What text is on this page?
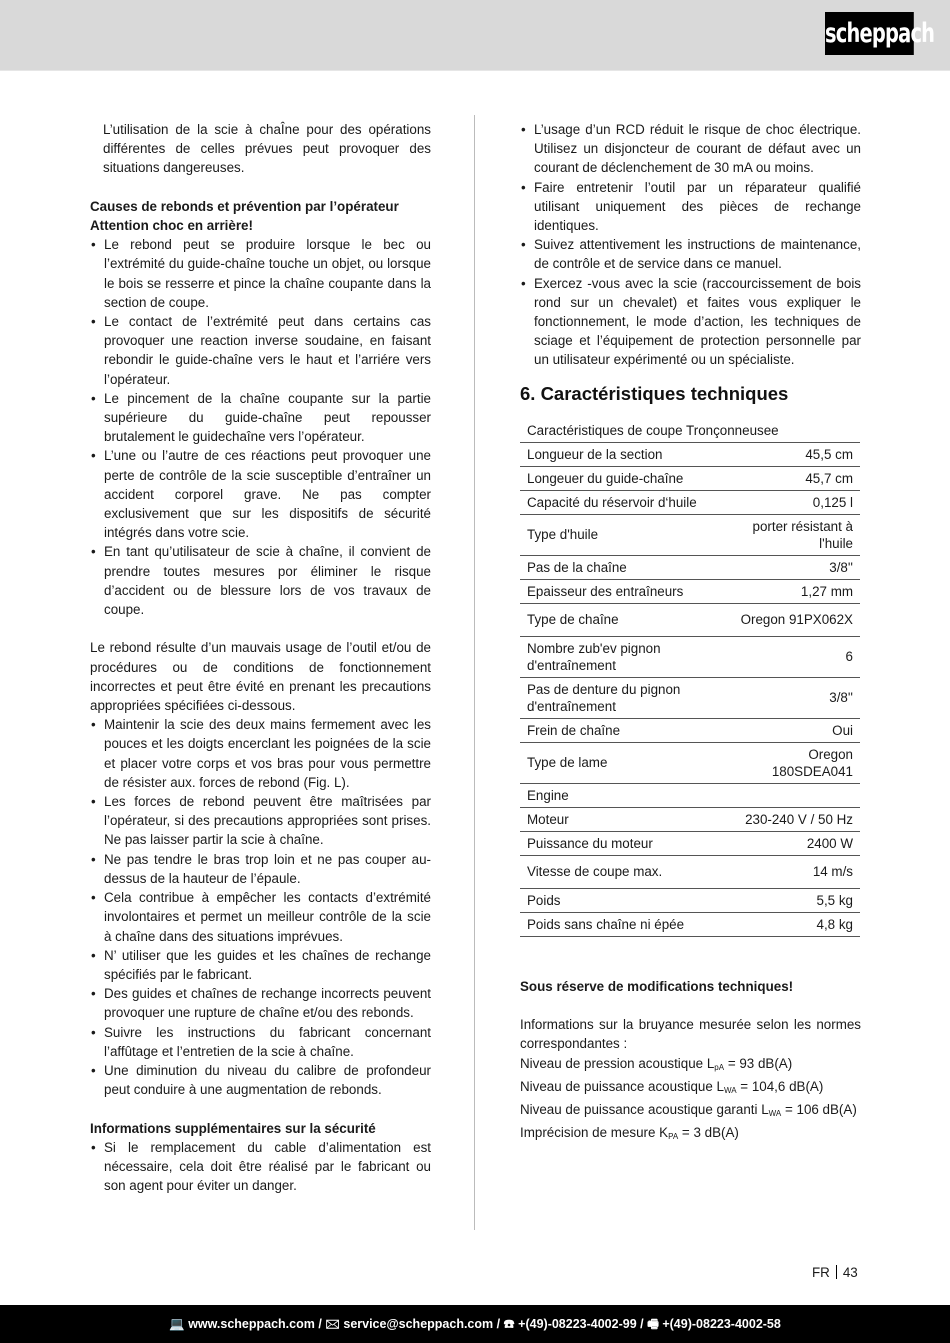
scheppach
L’utilisation de la scie à chaÎne pour des opérations différentes de celles prévues peut provoquer des situations dangereuses.
Causes de rebonds et prévention par l’opérateur
Attention choc en arrière!
• Le rebond peut se produire lorsque le bec ou l’extrémité du guide-chaîne touche un objet, ou lorsque le bois se resserre et pince la chaîne coupante dans la section de coupe.
• Le contact de l’extrémité peut dans certains cas provoquer une reaction inverse soudaine, en faisant rebondir le guide-chaîne vers le haut et l’arriére vers l’opérateur.
• Le pincement de la chaîne coupante sur la partie supérieure du guide-chaîne peut repousser brutalement le guidechaîne vers l’opérateur.
• L’une ou l’autre de ces réactions peut provoquer une perte de contrôle de la scie susceptible d’entraîner un accident corporel grave. Ne pas compter exclusivement que sur les dispositifs de sécurité intégrés dans votre scie.
• En tant qu’utilisateur de scie à chaîne, il convient de prendre toutes mesures por éliminer le risque d’accident ou de blessure lors de vos travaux de coupe.
Le rebond résulte d’un mauvais usage de l’outil et/ou de procédures ou de conditions de fonctionnement incorrectes et peut être évité en prenant les precautions appropriées spécifiées ci-dessous.
• Maintenir la scie des deux mains fermement avec les pouces et les doigts encerclant les poignées de la scie et placer votre corps et vos bras pour vous permettre de résister aux. forces de rebond (Fig. L).
• Les forces de rebond peuvent être maîtrisées par l’opérateur, si des precautions appropriées sont prises. Ne pas laisser partir la scie à chaîne.
• Ne pas tendre le bras trop loin et ne pas couper au-dessus de la hauteur de l’épaule.
• Cela contribue à empêcher les contacts d’extrémité involontaires et permet un meilleur contrôle de la scie à chaîne dans des situations imprévues.
• N’ utiliser que les guides et les chaînes de rechange spécifiés par le fabricant.
• Des guides et chaînes de rechange incorrects peuvent provoquer une rupture de chaîne et/ou des rebonds.
• Suivre les instructions du fabricant concernant l’affûtage et l’entretien de la scie à chaîne.
• Une diminution du niveau du calibre de profondeur peut conduire à une augmentation de rebonds.
Informations supplémentaires sur la sécurité
• Si le remplacement du cable d’alimentation est nécessaire, cela doit être réalisé par le fabricant ou son agent pour éviter un danger.
• L’usage d’un RCD réduit le risque de choc électrique. Utilisez un disjoncteur de courant de défaut avec un courant de déclenchement de 30 mA ou moins.
• Faire entretenir l’outil par un réparateur qualifié utilisant uniquement des pièces de rechange identiques.
• Suivez attentivement les instructions de maintenance, de contrôle et de service dans ce manuel.
• Exercez -vous avec la scie (raccourcissement de bois rond sur un chevalet) et faites vous expliquer le fonctionnement, le mode d’action, les techniques de sciage et l’équipement de protection personnelle par un utilisateur expérimenté ou un spécialiste.
6. Caractéristiques techniques
Caractéristiques de coupe Tronçonneusee	
Longueur de la section	45,5 cm
Longeuer du guide-chaîne	45,7 cm
Capacité du réservoir d‘huile	0,125 l
Type d'huile	porter résistant à l'huile
Pas de la chaîne	3/8''
Epaisseur des entraîneurs	1,27 mm
Type de chaîne	Oregon 91PX062X
Nombre zub'ev pignon d'entraînement	6
Pas de denture du pignon d'entraînement	3/8''
Frein de chaîne	Oui
Type de lame	Oregon 180SDEA041
Engine	
Moteur	230-240 V / 50 Hz
Puissance du moteur	2400 W
Vitesse de coupe max.	14 m/s
Poids	5,5 kg
Poids sans chaîne ni épée	4,8 kg
Sous réserve de modifications techniques!
Informations sur la bruyance mesurée selon les normes correspondantes :
Niveau de pression acoustique $L_{pA} = 93$ dB(A)
Niveau de puissance acoustique $L_{WA} = 104,6$ dB(A)
Niveau de puissance acoustique garanti $L_{WA} = 106$ dB(A)
Imprécision de mesure $K_{PA} = 3$ dB(A)
FR 43
💻 www.scheppach.com / 🖂 service@scheppach.com / ☎ +(49)-08223-4002-99 / 🖷 +(49)-08223-4002-58
